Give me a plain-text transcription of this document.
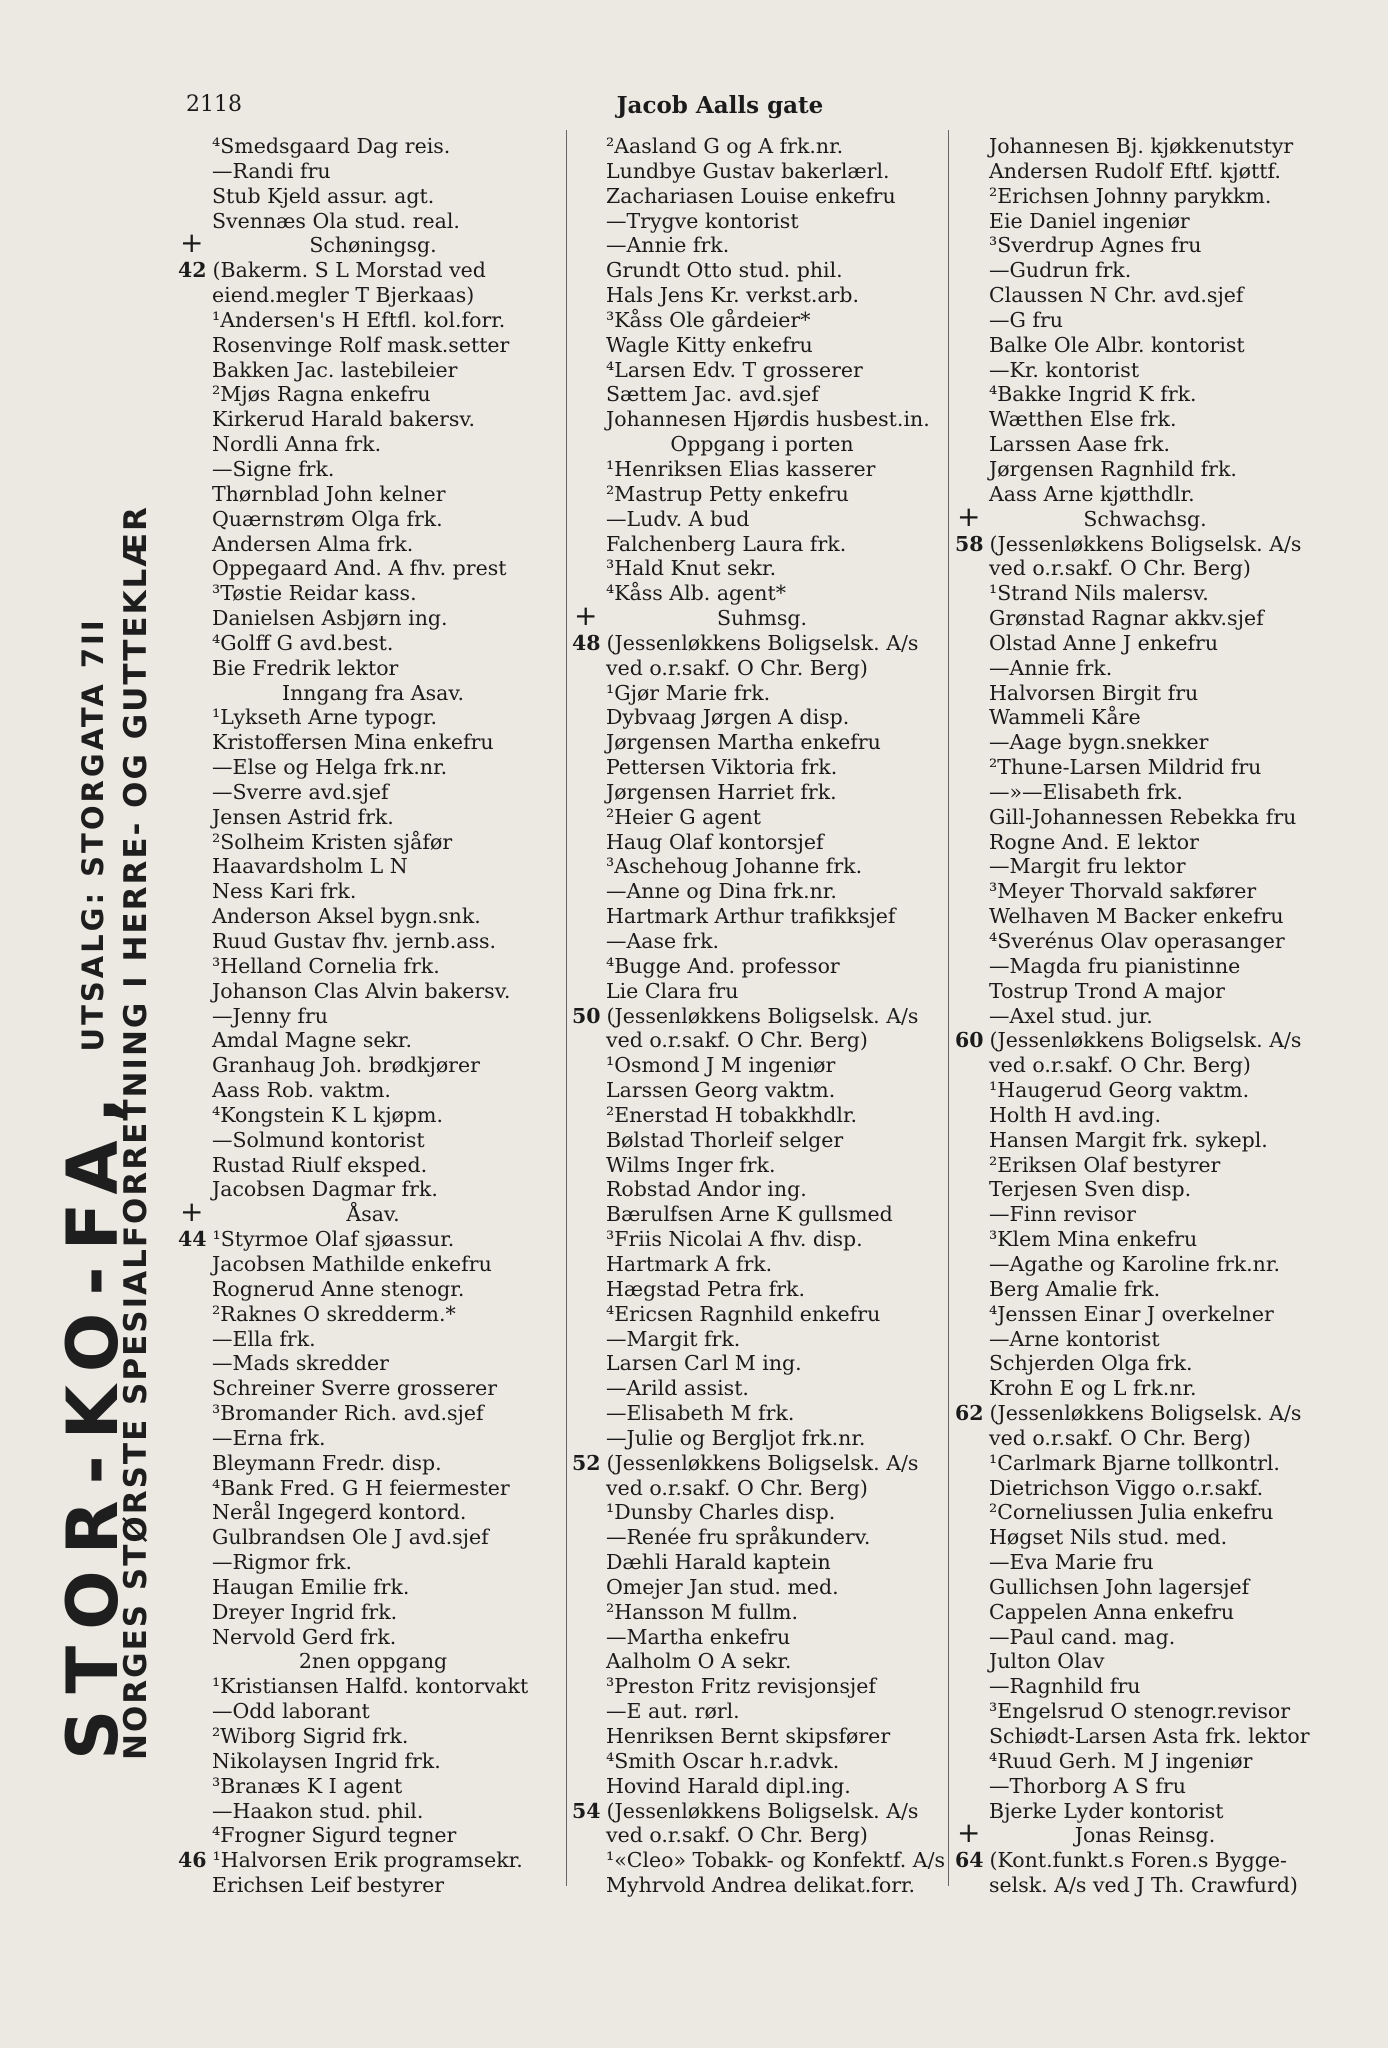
2118	Jacob Aalls gate
STOR-KO-FA, UTSALG: STORGATA 7II NORGES STØRSTE SPESIALFORRETNING I HERRE- OG GUTTEKLÆR
⁴Smedsgaard Dag reis.
—Randi fru
Stub Kjeld assur. agt.
Svennæs Ola stud. real.
+	Schøningsg.
42 (Bakerm. S L Morstad ved
eiend.megler T Bjerkaas)
¹Andersen's H Eftfl. kol.forr.
Rosenvinge Rolf mask.setter
Bakken Jac. lastebileier
²Mjøs Ragna enkefru
Kirkerud Harald bakersv.
Nordli Anna frk.
—Signe frk.
Thørnblad John kelner
Quærnstrøm Olga frk.
Andersen Alma frk.
Oppegaard And. A fhv. prest
³Tøstie Reidar kass.
Danielsen Asbjørn ing.
⁴Golff G avd.best.
Bie Fredrik lektor
Inngang fra Asav.
¹Lykseth Arne typogr.
Kristoffersen Mina enkefru
—Else og Helga frk.nr.
—Sverre avd.sjef
Jensen Astrid frk.
²Solheim Kristen sjåfør
Haavardsholm L N
Ness Kari frk.
Anderson Aksel bygn.snk.
Ruud Gustav fhv. jernb.ass.
³Helland Cornelia frk.
Johanson Clas Alvin bakersv.
—Jenny fru
Amdal Magne sekr.
Granhaug Joh. brødkjører
Aass Rob. vaktm.
⁴Kongstein K L kjøpm.
—Solmund kontorist
Rustad Riulf eksped.
Jacobsen Dagmar frk.
+	Åsav.
44 ¹Styrmoe Olaf sjøassur.
Jacobsen Mathilde enkefru
Rognerud Anne stenogr.
²Raknes O skredderm.*
—Ella frk.
—Mads skredder
Schreiner Sverre grosserer
³Bromander Rich. avd.sjef
—Erna frk.
Bleymann Fredr. disp.
⁴Bank Fred. G H feiermester
Nerål Ingegerd kontord.
Gulbrandsen Ole J avd.sjef
—Rigmor frk.
Haugan Emilie frk.
Dreyer Ingrid frk.
Nervold Gerd frk.
2nen oppgang
¹Kristiansen Halfd. kontorvakt
—Odd laborant
²Wiborg Sigrid frk.
Nikolaysen Ingrid frk.
³Branæs K I agent
—Haakon stud. phil.
⁴Frogner Sigurd tegner
46 ¹Halvorsen Erik programsekr.
Erichsen Leif bestyrer
²Aasland G og A frk.nr.
Lundbye Gustav bakerlærl.
Zachariasen Louise enkefru
—Trygve kontorist
—Annie frk.
Grundt Otto stud. phil.
Hals Jens Kr. verkst.arb.
³Kåss Ole gårdeier*
Wagle Kitty enkefru
⁴Larsen Edv. T grosserer
Sættem Jac. avd.sjef
Johannesen Hjørdis husbest.in.
Oppgang i porten
¹Henriksen Elias kasserer
²Mastrup Petty enkefru
—Ludv. A bud
Falchenberg Laura frk.
³Hald Knut sekr.
⁴Kåss Alb. agent*
+	Suhmsg.
48 (Jessenløkkens Boligselsk. A/s
ved o.r.sakf. O Chr. Berg)
¹Gjør Marie frk.
Dybvaag Jørgen A disp.
Jørgensen Martha enkefru
Pettersen Viktoria frk.
Jørgensen Harriet frk.
²Heier G agent
Haug Olaf kontorsjef
³Aschehoug Johanne frk.
—Anne og Dina frk.nr.
Hartmark Arthur trafikksjef
—Aase frk.
⁴Bugge And. professor
Lie Clara fru
50 (Jessenløkkens Boligselsk. A/s
ved o.r.sakf. O Chr. Berg)
¹Osmond J M ingeniør
Larssen Georg vaktm.
²Enerstad H tobakkhdlr.
Bølstad Thorleif selger
Wilms Inger frk.
Robstad Andor ing.
Bærulfsen Arne K gullsmed
³Friis Nicolai A fhv. disp.
Hartmark A frk.
Hægstad Petra frk.
⁴Ericsen Ragnhild enkefru
—Margit frk.
Larsen Carl M ing.
—Arild assist.
—Elisabeth M frk.
—Julie og Bergljot frk.nr.
52 (Jessenløkkens Boligselsk. A/s
ved o.r.sakf. O Chr. Berg)
¹Dunsby Charles disp.
—Renée fru språkunderv.
Dæhli Harald kaptein
Omejer Jan stud. med.
²Hansson M fullm.
—Martha enkefru
Aalholm O A sekr.
³Preston Fritz revisjonsjef
—E aut. rørl.
Henriksen Bernt skipsfører
⁴Smith Oscar h.r.advk.
Hovind Harald dipl.ing.
54 (Jessenløkkens Boligselsk. A/s
ved o.r.sakf. O Chr. Berg)
¹«Cleo» Tobakk- og Konfektf. A/s
Myhrvold Andrea delikat.forr.
Johannesen Bj. kjøkkenutstyr
Andersen Rudolf Eftf. kjøttf.
²Erichsen Johnny parykkm.
Eie Daniel ingeniør
³Sverdrup Agnes fru
—Gudrun frk.
Claussen N Chr. avd.sjef
—G fru
Balke Ole Albr. kontorist
—Kr. kontorist
⁴Bakke Ingrid K frk.
Wætthen Else frk.
Larssen Aase frk.
Jørgensen Ragnhild frk.
Aass Arne kjøtthdlr.
+	Schwachsg.
58 (Jessenløkkens Boligselsk. A/s
ved o.r.sakf. O Chr. Berg)
¹Strand Nils malersv.
Grønstad Ragnar akkv.sjef
Olstad Anne J enkefru
—Annie frk.
Halvorsen Birgit fru
Wammeli Kåre
—Aage bygn.snekker
²Thune-Larsen Mildrid fru
—»—Elisabeth frk.
Gill-Johannessen Rebekka fru
Rogne And. E lektor
—Margit fru lektor
³Meyer Thorvald sakfører
Welhaven M Backer enkefru
⁴Sverénus Olav operasanger
—Magda fru pianistinne
Tostrup Trond A major
—Axel stud. jur.
60 (Jessenløkkens Boligselsk. A/s
ved o.r.sakf. O Chr. Berg)
¹Haugerud Georg vaktm.
Holth H avd.ing.
Hansen Margit frk. sykepl.
²Eriksen Olaf bestyrer
Terjesen Sven disp.
—Finn revisor
³Klem Mina enkefru
—Agathe og Karoline frk.nr.
Berg Amalie frk.
⁴Jenssen Einar J overkelner
—Arne kontorist
Schjerden Olga frk.
Krohn E og L frk.nr.
62 (Jessenløkkens Boligselsk. A/s
ved o.r.sakf. O Chr. Berg)
¹Carlmark Bjarne tollkontrl.
Dietrichson Viggo o.r.sakf.
²Corneliussen Julia enkefru
Høgset Nils stud. med.
—Eva Marie fru
Gullichsen John lagersjef
Cappelen Anna enkefru
—Paul cand. mag.
Julton Olav
—Ragnhild fru
³Engelsrud O stenogr.revisor
Schiødt-Larsen Asta frk. lektor
⁴Ruud Gerh. M J ingeniør
—Thorborg A S fru
Bjerke Lyder kontorist
+	Jonas Reinsg.
64 (Kont.funkt.s Foren.s Bygge-
selsk. A/s ved J Th. Crawfurd)
